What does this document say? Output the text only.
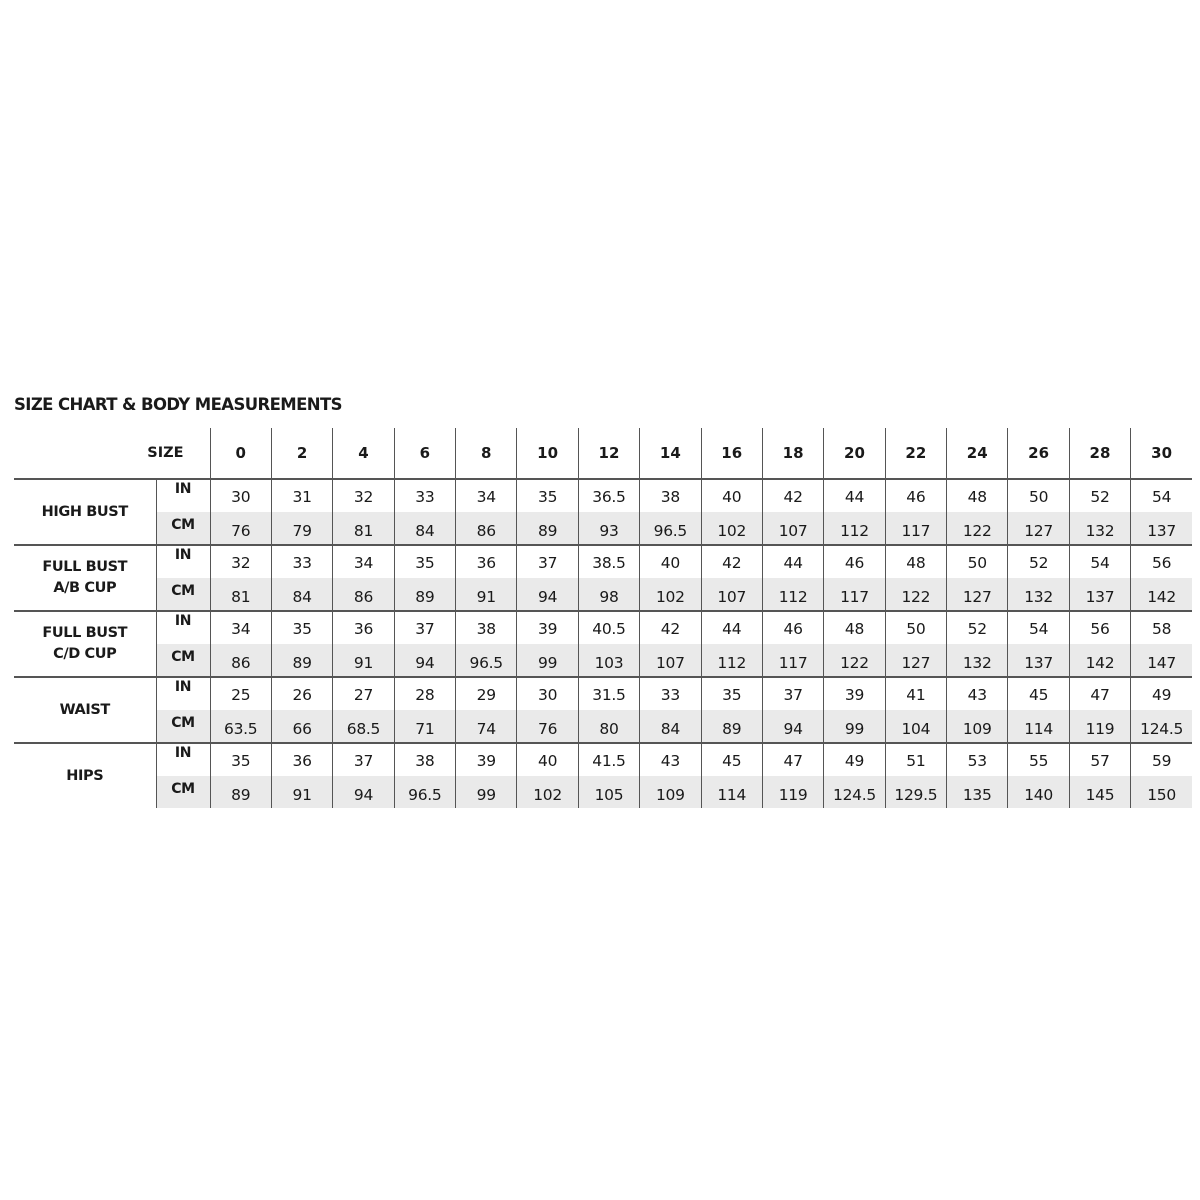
SIZE CHART & BODY MEASUREMENTS
SIZE		0	2	4	6	8	10	12	14	16	18	20	22	24	26	28	30

HIGH BUST	IN	30	31	32	33	34	35	36.5	38	40	42	44	46	48	50	52	54
	CM	76	79	81	84	86	89	93	96.5	102	107	112	117	122	127	132	137

FULL BUST
A/B CUP	IN	32	33	34	35	36	37	38.5	40	42	44	46	48	50	52	54	56
	CM	81	84	86	89	91	94	98	102	107	112	117	122	127	132	137	142

FULL BUST
C/D CUP	IN	34	35	36	37	38	39	40.5	42	44	46	48	50	52	54	56	58
	CM	86	89	91	94	96.5	99	103	107	112	117	122	127	132	137	142	147

WAIST	IN	25	26	27	28	29	30	31.5	33	35	37	39	41	43	45	47	49
	CM	63.5	66	68.5	71	74	76	80	84	89	94	99	104	109	114	119	124.5

HIPS	IN	35	36	37	38	39	40	41.5	43	45	47	49	51	53	55	57	59
	CM	89	91	94	96.5	99	102	105	109	114	119	124.5	129.5	135	140	145	150
